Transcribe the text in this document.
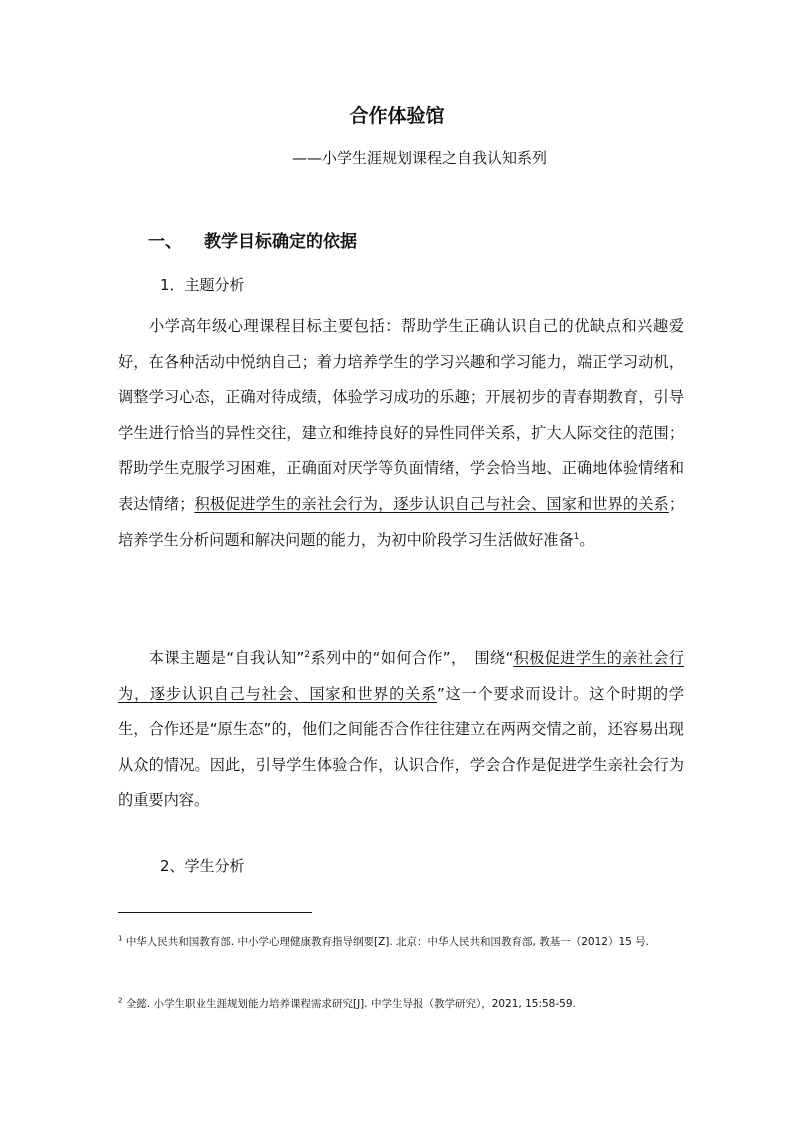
合作体验馆
——小学生涯规划课程之自我认知系列
一、 教学目标确定的依据
1．主题分析

  小学高年级心理课程目标主要包括：帮助学生正确认识自己的优缺点和兴趣爱好，在各种活动中悦纳自己；着力培养学生的学习兴趣和学习能力，端正学习动机，调整学习心态，正确对待成绩，体验学习成功的乐趣；开展初步的青春期教育，引导学生进行恰当的异性交往，建立和维持良好的异性同伴关系，扩大人际交往的范围；帮助学生克服学习困难，正确面对厌学等负面情绪，学会恰当地、正确地体验情绪和表达情绪；积极促进学生的亲社会行为，逐步认识自己与社会、国家和世界的关系；培养学生分析问题和解决问题的能力，为初中阶段学习生活做好准备$^1$。

  本课主题是“自我认知”$^2$系列中的“如何合作”，　围绕“积极促进学生的亲社会行为，逐步认识自己与社会、国家和世界的关系”这一个要求而设计。这个时期的学生，合作还是“原生态”的，他们之间能否合作往往建立在两两交情之前，还容易出现从众的情况。因此，引导学生体验合作，认识合作，学会合作是促进学生亲社会行为的重要内容。

2、学生分析

$^1$ 中华人民共和国教育部. 中小学心理健康教育指导纲要[Z]. 北京：中华人民共和国教育部, 教基一（2012）15 号.

$^2$ 全懿. 小学生职业生涯规划能力培养课程需求研究[J]. 中学生导报（教学研究），2021, 15:58-59.
